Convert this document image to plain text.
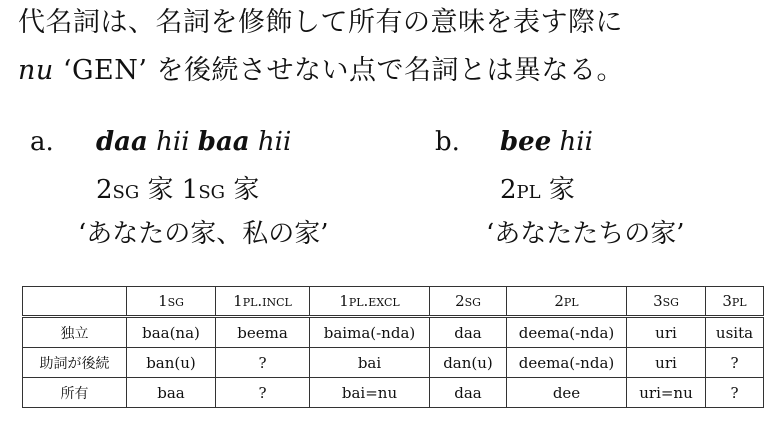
代名詞は、名詞を修飾して所有の意味を表す際に
nu ‘GEN’ を後続させない点で名詞とは異なる。
a. daa hii baa hii
2sg 家 1sg 家
‘あなたの家、私の家’
b. bee hii
2pl 家
‘あなたたちの家’
	1sg	1pl.incl	1pl.excl	2sg	2pl	3sg	3pl
独立	baa(na)	beema	baima(-nda)	daa	deema(-nda)	uri	usita
助詞が後続	ban(u)	?	bai	dan(u)	deema(-nda)	uri	?
所有	baa	?	bai=nu	daa	dee	uri=nu	?
